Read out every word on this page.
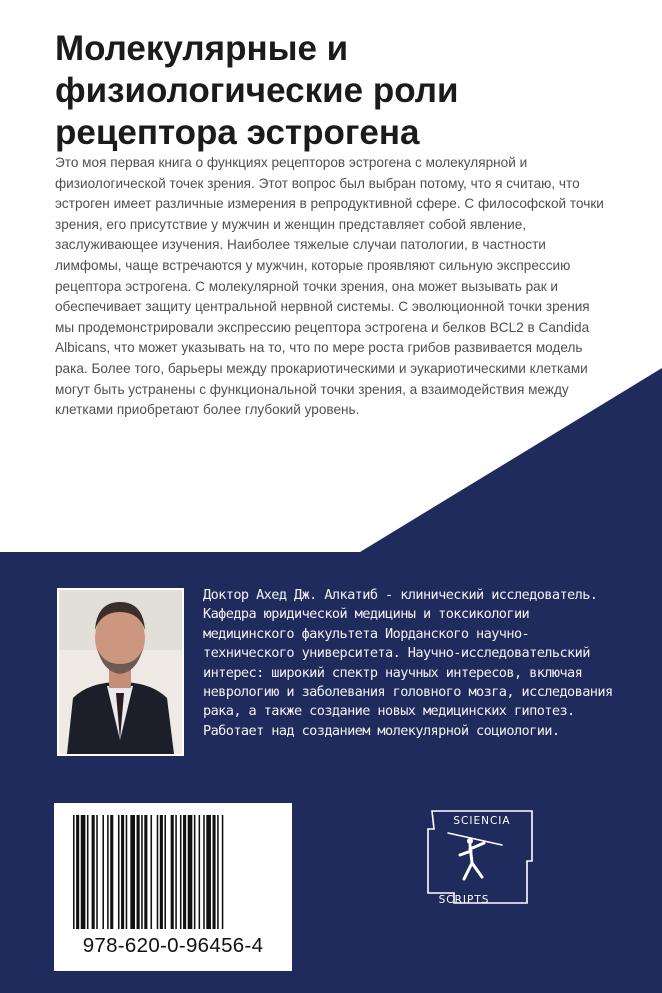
Молекулярные и физиологические роли рецептора эстрогена

Это моя первая книга о функциях рецепторов эстрогена с молекулярной и физиологической точек зрения. Этот вопрос был выбран потому, что я считаю, что эстроген имеет различные измерения в репродуктивной сфере. С философской точки зрения, его присутствие у мужчин и женщин представляет собой явление, заслуживающее изучения. Наиболее тяжелые случаи патологии, в частности лимфомы, чаще встречаются у мужчин, которые проявляют сильную экспрессию рецептора эстрогена. С молекулярной точки зрения, она может вызывать рак и обеспечивает защиту центральной нервной системы. С эволюционной точки зрения мы продемонстрировали экспрессию рецептора эстрогена и белков BCL2 в Candida Albicans, что может указывать на то, что по мере роста грибов развивается модель рака. Более того, барьеры между прокариотическими и эукариотическими клетками могут быть устранены с функциональной точки зрения, а взаимодействия между клетками приобретают более глубокий уровень.

Доктор Ахед Дж. Алкатиб - клинический исследователь. Кафедра юридической медицины и токсикологии медицинского факультета Иорданского научно-технического университета. Научно-исследовательский интерес: широкий спектр научных интересов, включая неврологию и заболевания головного мозга, исследования рака, а также создание новых медицинских гипотез. Работает над созданием молекулярной социологии.

978-620-0-96456-4
SCIENCIA
SCRIPTS
